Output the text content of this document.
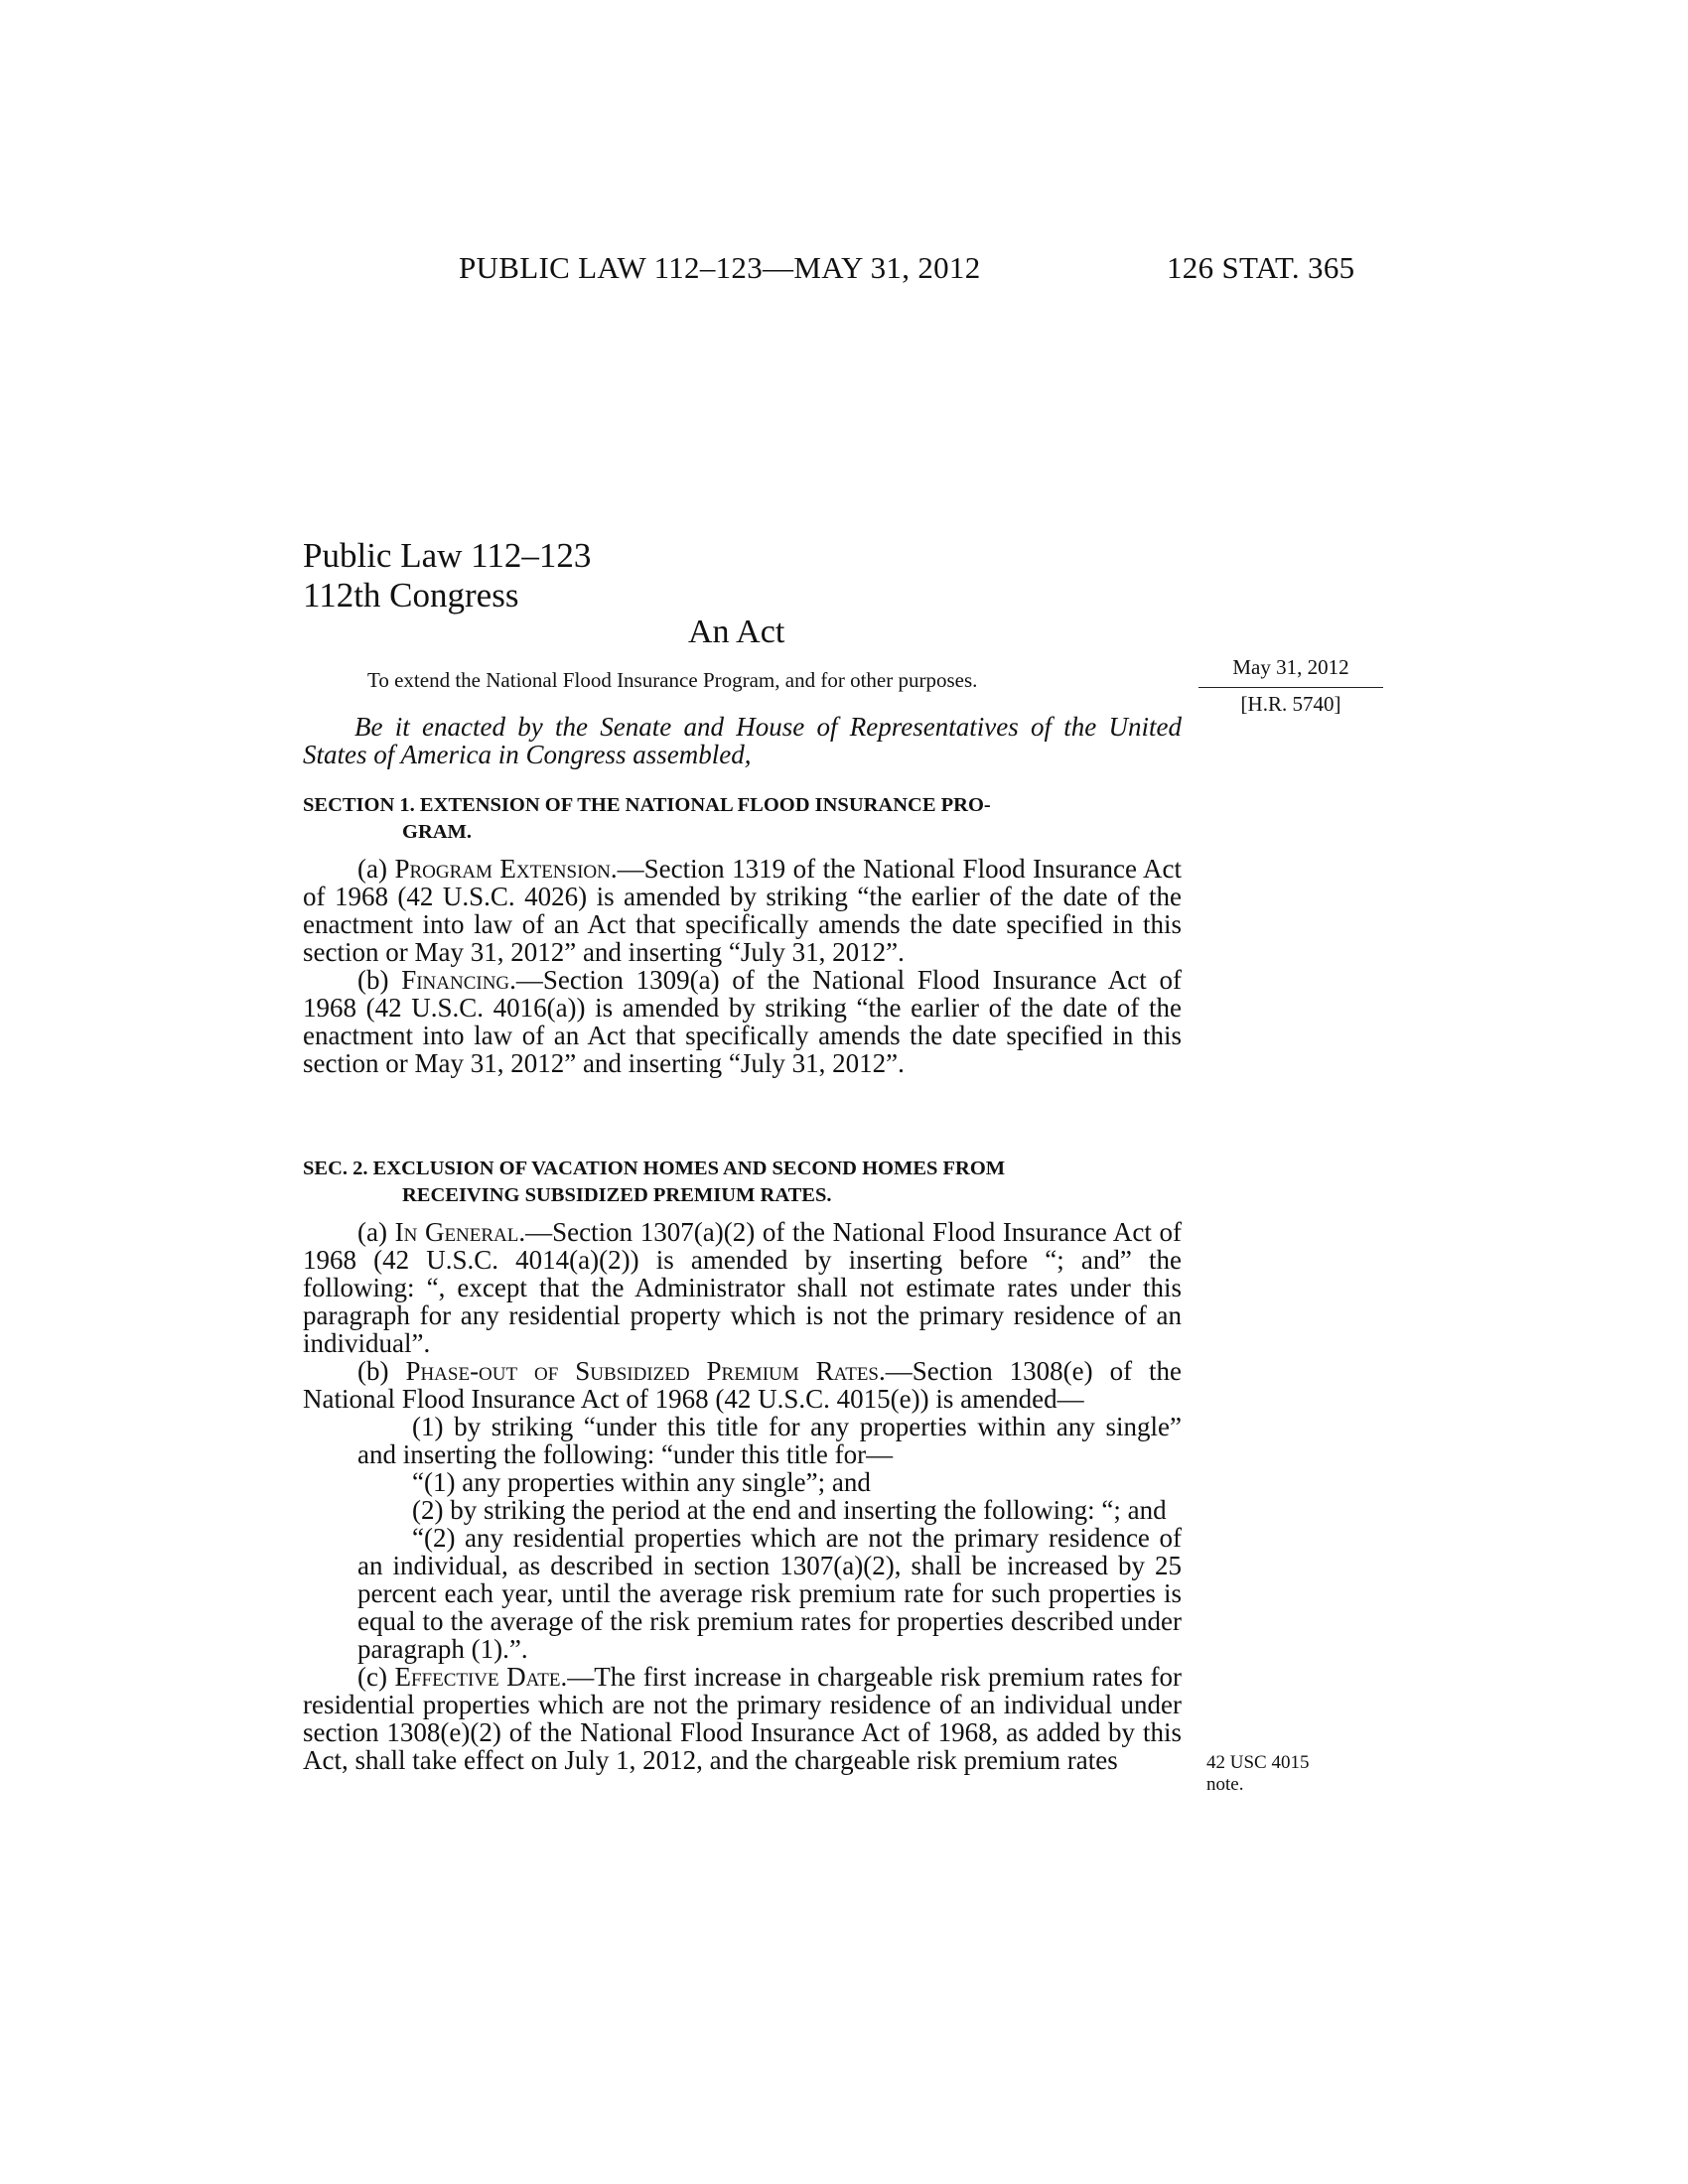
PUBLIC LAW 112–123—MAY 31, 2012	126 STAT. 365
Public Law 112–123
112th Congress
An Act
To extend the National Flood Insurance Program, and for other purposes.
May 31, 2012
[H.R. 5740]
Be it enacted by the Senate and House of Representatives of the United States of America in Congress assembled,
SECTION 1. EXTENSION OF THE NATIONAL FLOOD INSURANCE PRO-
GRAM.

(a) Program Extension.—Section 1319 of the National Flood Insurance Act of 1968 (42 U.S.C. 4026) is amended by striking “the earlier of the date of the enactment into law of an Act that specifically amends the date specified in this section or May 31, 2012” and inserting “July 31, 2012”.

(b) Financing.—Section 1309(a) of the National Flood Insurance Act of 1968 (42 U.S.C. 4016(a)) is amended by striking “the earlier of the date of the enactment into law of an Act that specifically amends the date specified in this section or May 31, 2012” and inserting “July 31, 2012”.

SEC. 2. EXCLUSION OF VACATION HOMES AND SECOND HOMES FROM
RECEIVING SUBSIDIZED PREMIUM RATES.

(a) In General.—Section 1307(a)(2) of the National Flood Insurance Act of 1968 (42 U.S.C. 4014(a)(2)) is amended by inserting before “; and” the following: “, except that the Administrator shall not estimate rates under this paragraph for any residential property which is not the primary residence of an individual”.

(b) Phase-out of Subsidized Premium Rates.—Section 1308(e) of the National Flood Insurance Act of 1968 (42 U.S.C. 4015(e)) is amended—

(1) by striking “under this title for any properties within any single” and inserting the following: “under this title for—

“(1) any properties within any single”; and

(2) by striking the period at the end and inserting the following: “; and

“(2) any residential properties which are not the primary residence of an individual, as described in section 1307(a)(2), shall be increased by 25 percent each year, until the average risk premium rate for such properties is equal to the average of the risk premium rates for properties described under paragraph (1).”.

(c) Effective Date.—The first increase in chargeable risk premium rates for residential properties which are not the primary residence of an individual under section 1308(e)(2) of the National Flood Insurance Act of 1968, as added by this Act, shall take effect on July 1, 2012, and the chargeable risk premium rates	42 USC 4015
note.
